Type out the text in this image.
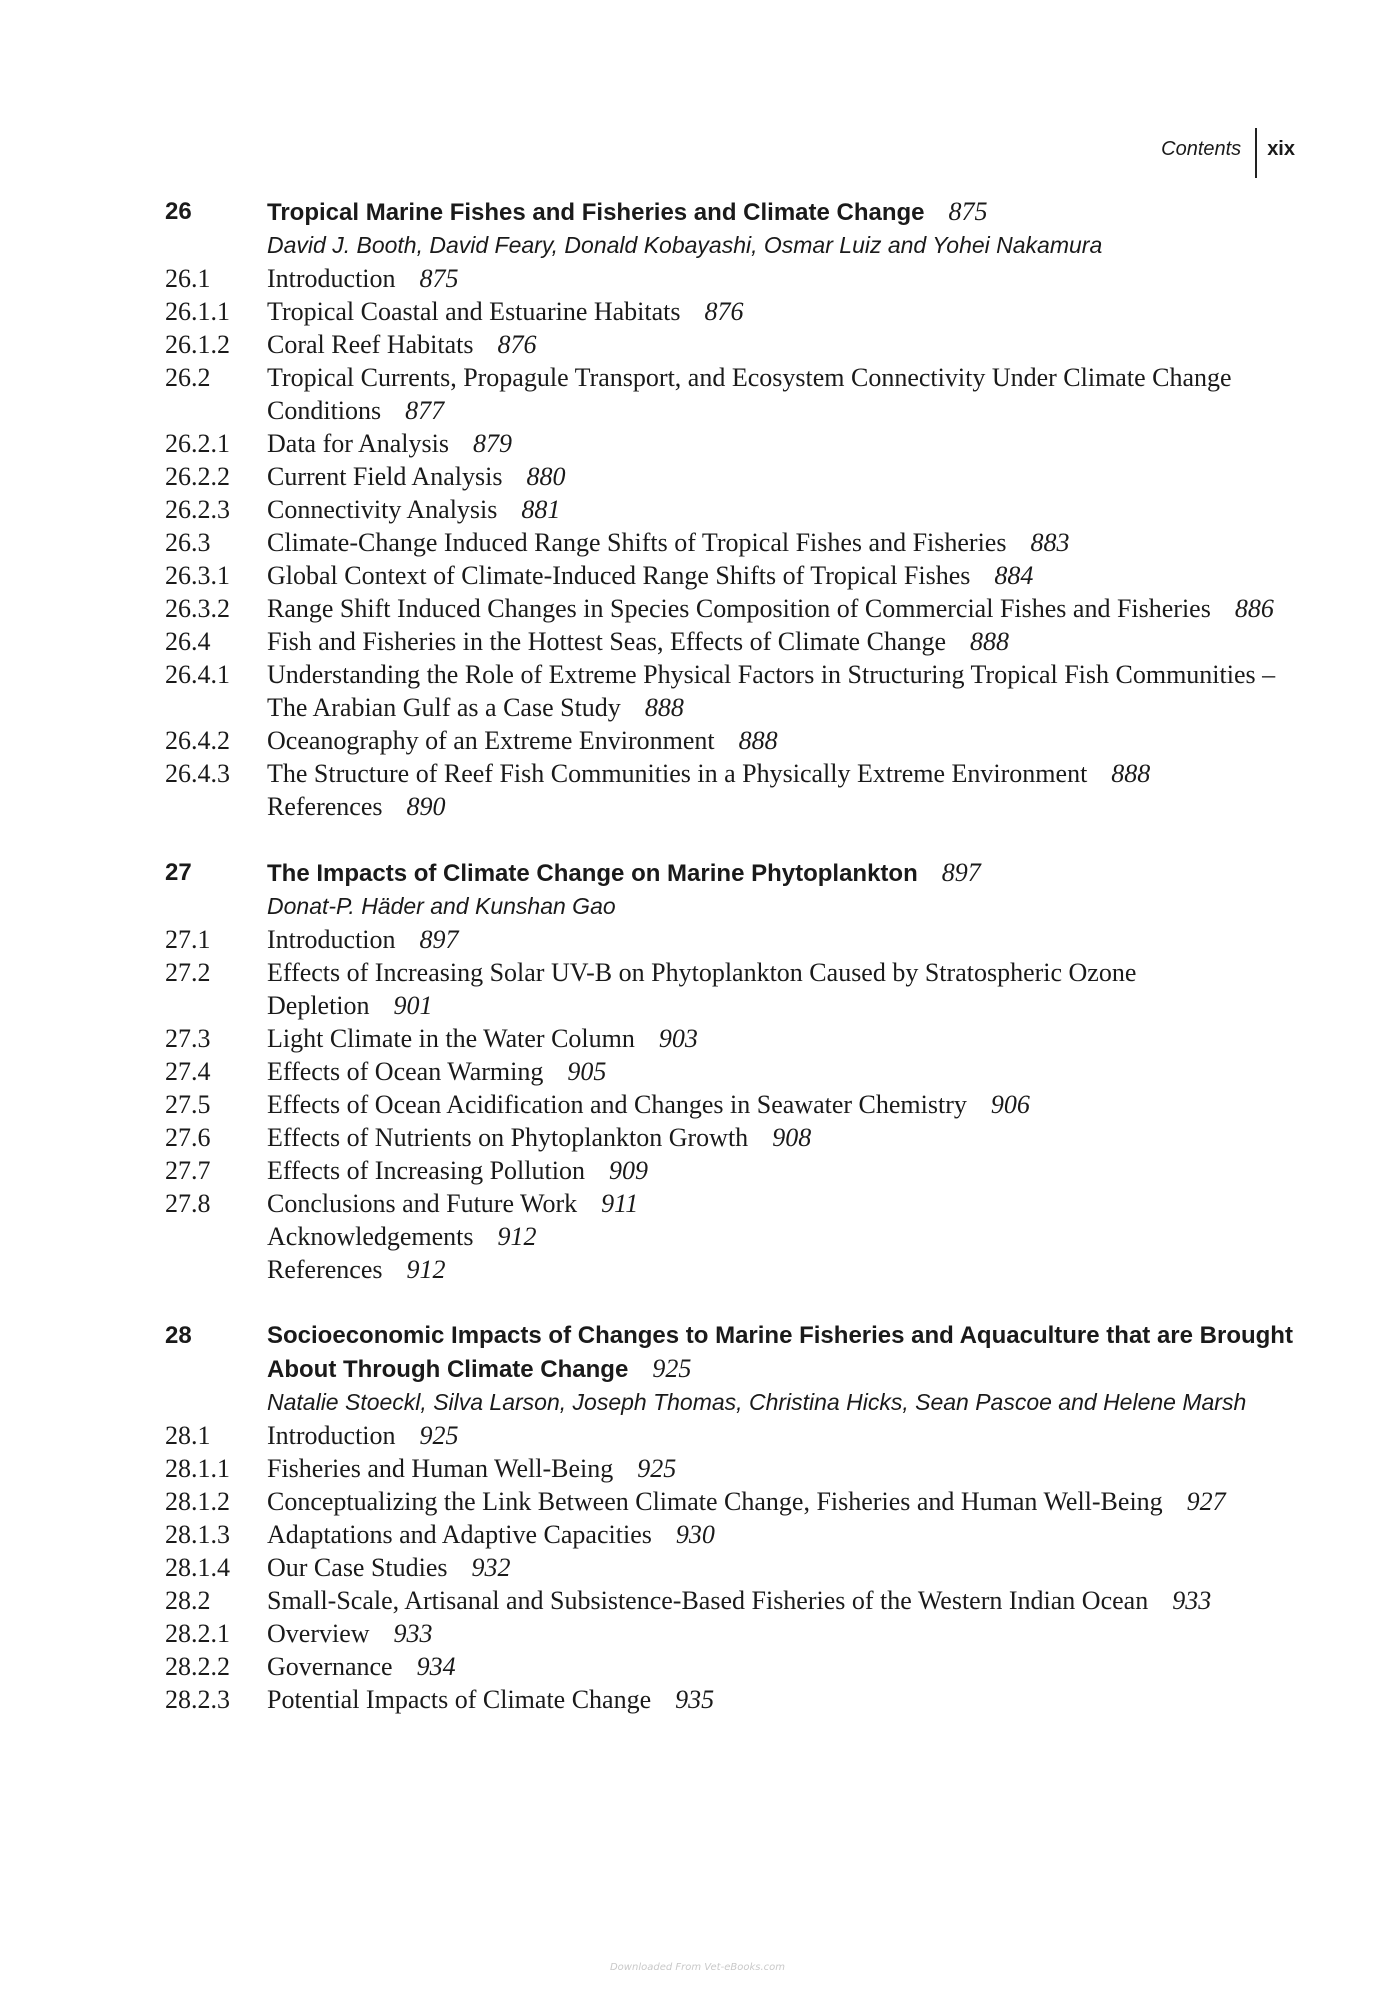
Contents	xix
26	Tropical Marine Fishes and Fisheries and Climate Change 875
David J. Booth, David Feary, Donald Kobayashi, Osmar Luiz and Yohei Nakamura
26.1	Introduction 875
26.1.1	Tropical Coastal and Estuarine Habitats 876
26.1.2	Coral Reef Habitats 876
26.2	Tropical Currents, Propagule Transport, and Ecosystem Connectivity Under Climate Change Conditions 877
26.2.1	Data for Analysis 879
26.2.2	Current Field Analysis 880
26.2.3	Connectivity Analysis 881
26.3	Climate-Change Induced Range Shifts of Tropical Fishes and Fisheries 883
26.3.1	Global Context of Climate-Induced Range Shifts of Tropical Fishes 884
26.3.2	Range Shift Induced Changes in Species Composition of Commercial Fishes and Fisheries 886
26.4	Fish and Fisheries in the Hottest Seas, Effects of Climate Change 888
26.4.1	Understanding the Role of Extreme Physical Factors in Structuring Tropical Fish Communities – The Arabian Gulf as a Case Study 888
26.4.2	Oceanography of an Extreme Environment 888
26.4.3	The Structure of Reef Fish Communities in a Physically Extreme Environment 888
References 890
27	The Impacts of Climate Change on Marine Phytoplankton 897
Donat-P. Häder and Kunshan Gao
27.1	Introduction 897
27.2	Effects of Increasing Solar UV-B on Phytoplankton Caused by Stratospheric Ozone Depletion 901
27.3	Light Climate in the Water Column 903
27.4	Effects of Ocean Warming 905
27.5	Effects of Ocean Acidification and Changes in Seawater Chemistry 906
27.6	Effects of Nutrients on Phytoplankton Growth 908
27.7	Effects of Increasing Pollution 909
27.8	Conclusions and Future Work 911
Acknowledgements 912
References 912
28	Socioeconomic Impacts of Changes to Marine Fisheries and Aquaculture that are Brought About Through Climate Change 925
Natalie Stoeckl, Silva Larson, Joseph Thomas, Christina Hicks, Sean Pascoe and Helene Marsh
28.1	Introduction 925
28.1.1	Fisheries and Human Well-Being 925
28.1.2	Conceptualizing the Link Between Climate Change, Fisheries and Human Well-Being 927
28.1.3	Adaptations and Adaptive Capacities 930
28.1.4	Our Case Studies 932
28.2	Small-Scale, Artisanal and Subsistence-Based Fisheries of the Western Indian Ocean 933
28.2.1	Overview 933
28.2.2	Governance 934
28.2.3	Potential Impacts of Climate Change 935
Downloaded From Vet-eBooks.com
